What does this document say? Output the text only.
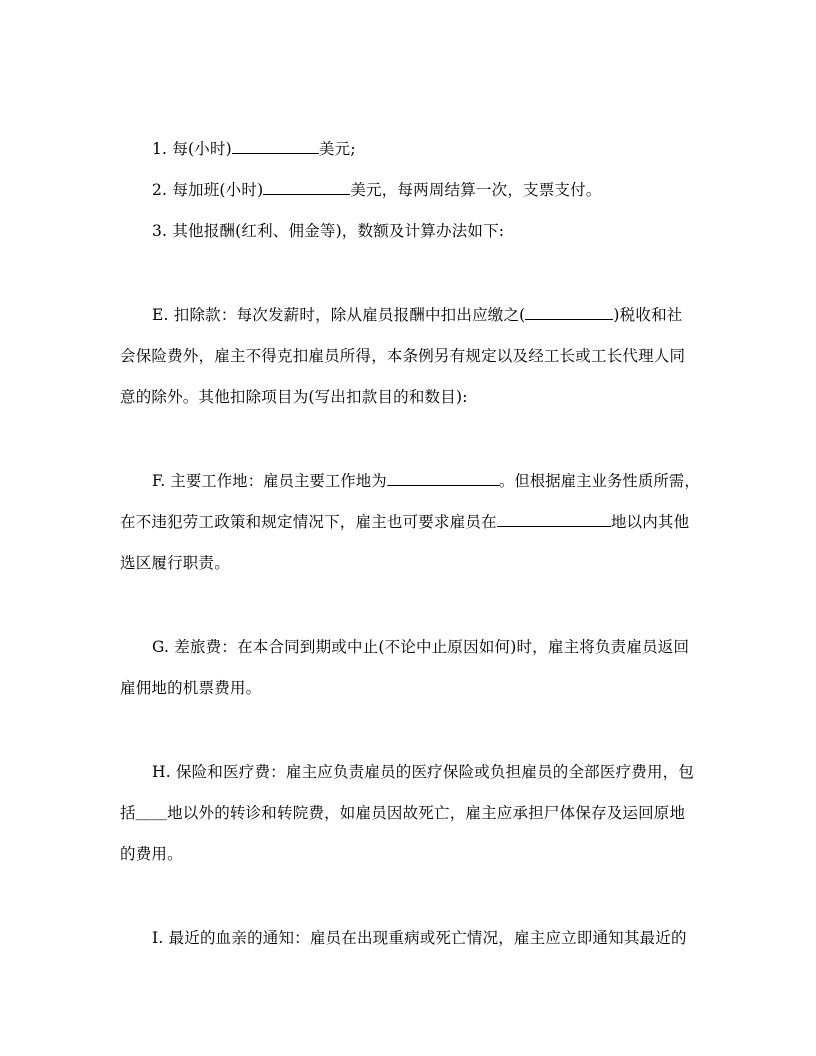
1. 每(小时)	美元;
2. 每加班(小时)	美元，每两周结算一次，支票支付。
3. 其他报酬(红利、佣金等)，数额及计算办法如下:
E. 扣除款：每次发薪时，除从雇员报酬中扣出应缴之(	)税收和社
会保险费外，雇主不得克扣雇员所得，本条例另有规定以及经工长或工长代理人同
意的除外。其他扣除项目为(写出扣款目的和数目):
F. 主要工作地：雇员主要工作地为	。但根据雇主业务性质所需，
在不违犯劳工政策和规定情况下，雇主也可要求雇员在	地以内其他
选区履行职责。
G. 差旅费：在本合同到期或中止(不论中止原因如何)时，雇主将负责雇员返回
雇佣地的机票费用。
H. 保险和医疗费：雇主应负责雇员的医疗保险或负担雇员的全部医疗费用，包
括＿＿地以外的转诊和转院费，如雇员因故死亡，雇主应承担尸体保存及运回原地
的费用。
I. 最近的血亲的通知：雇员在出现重病或死亡情况，雇主应立即通知其最近的
